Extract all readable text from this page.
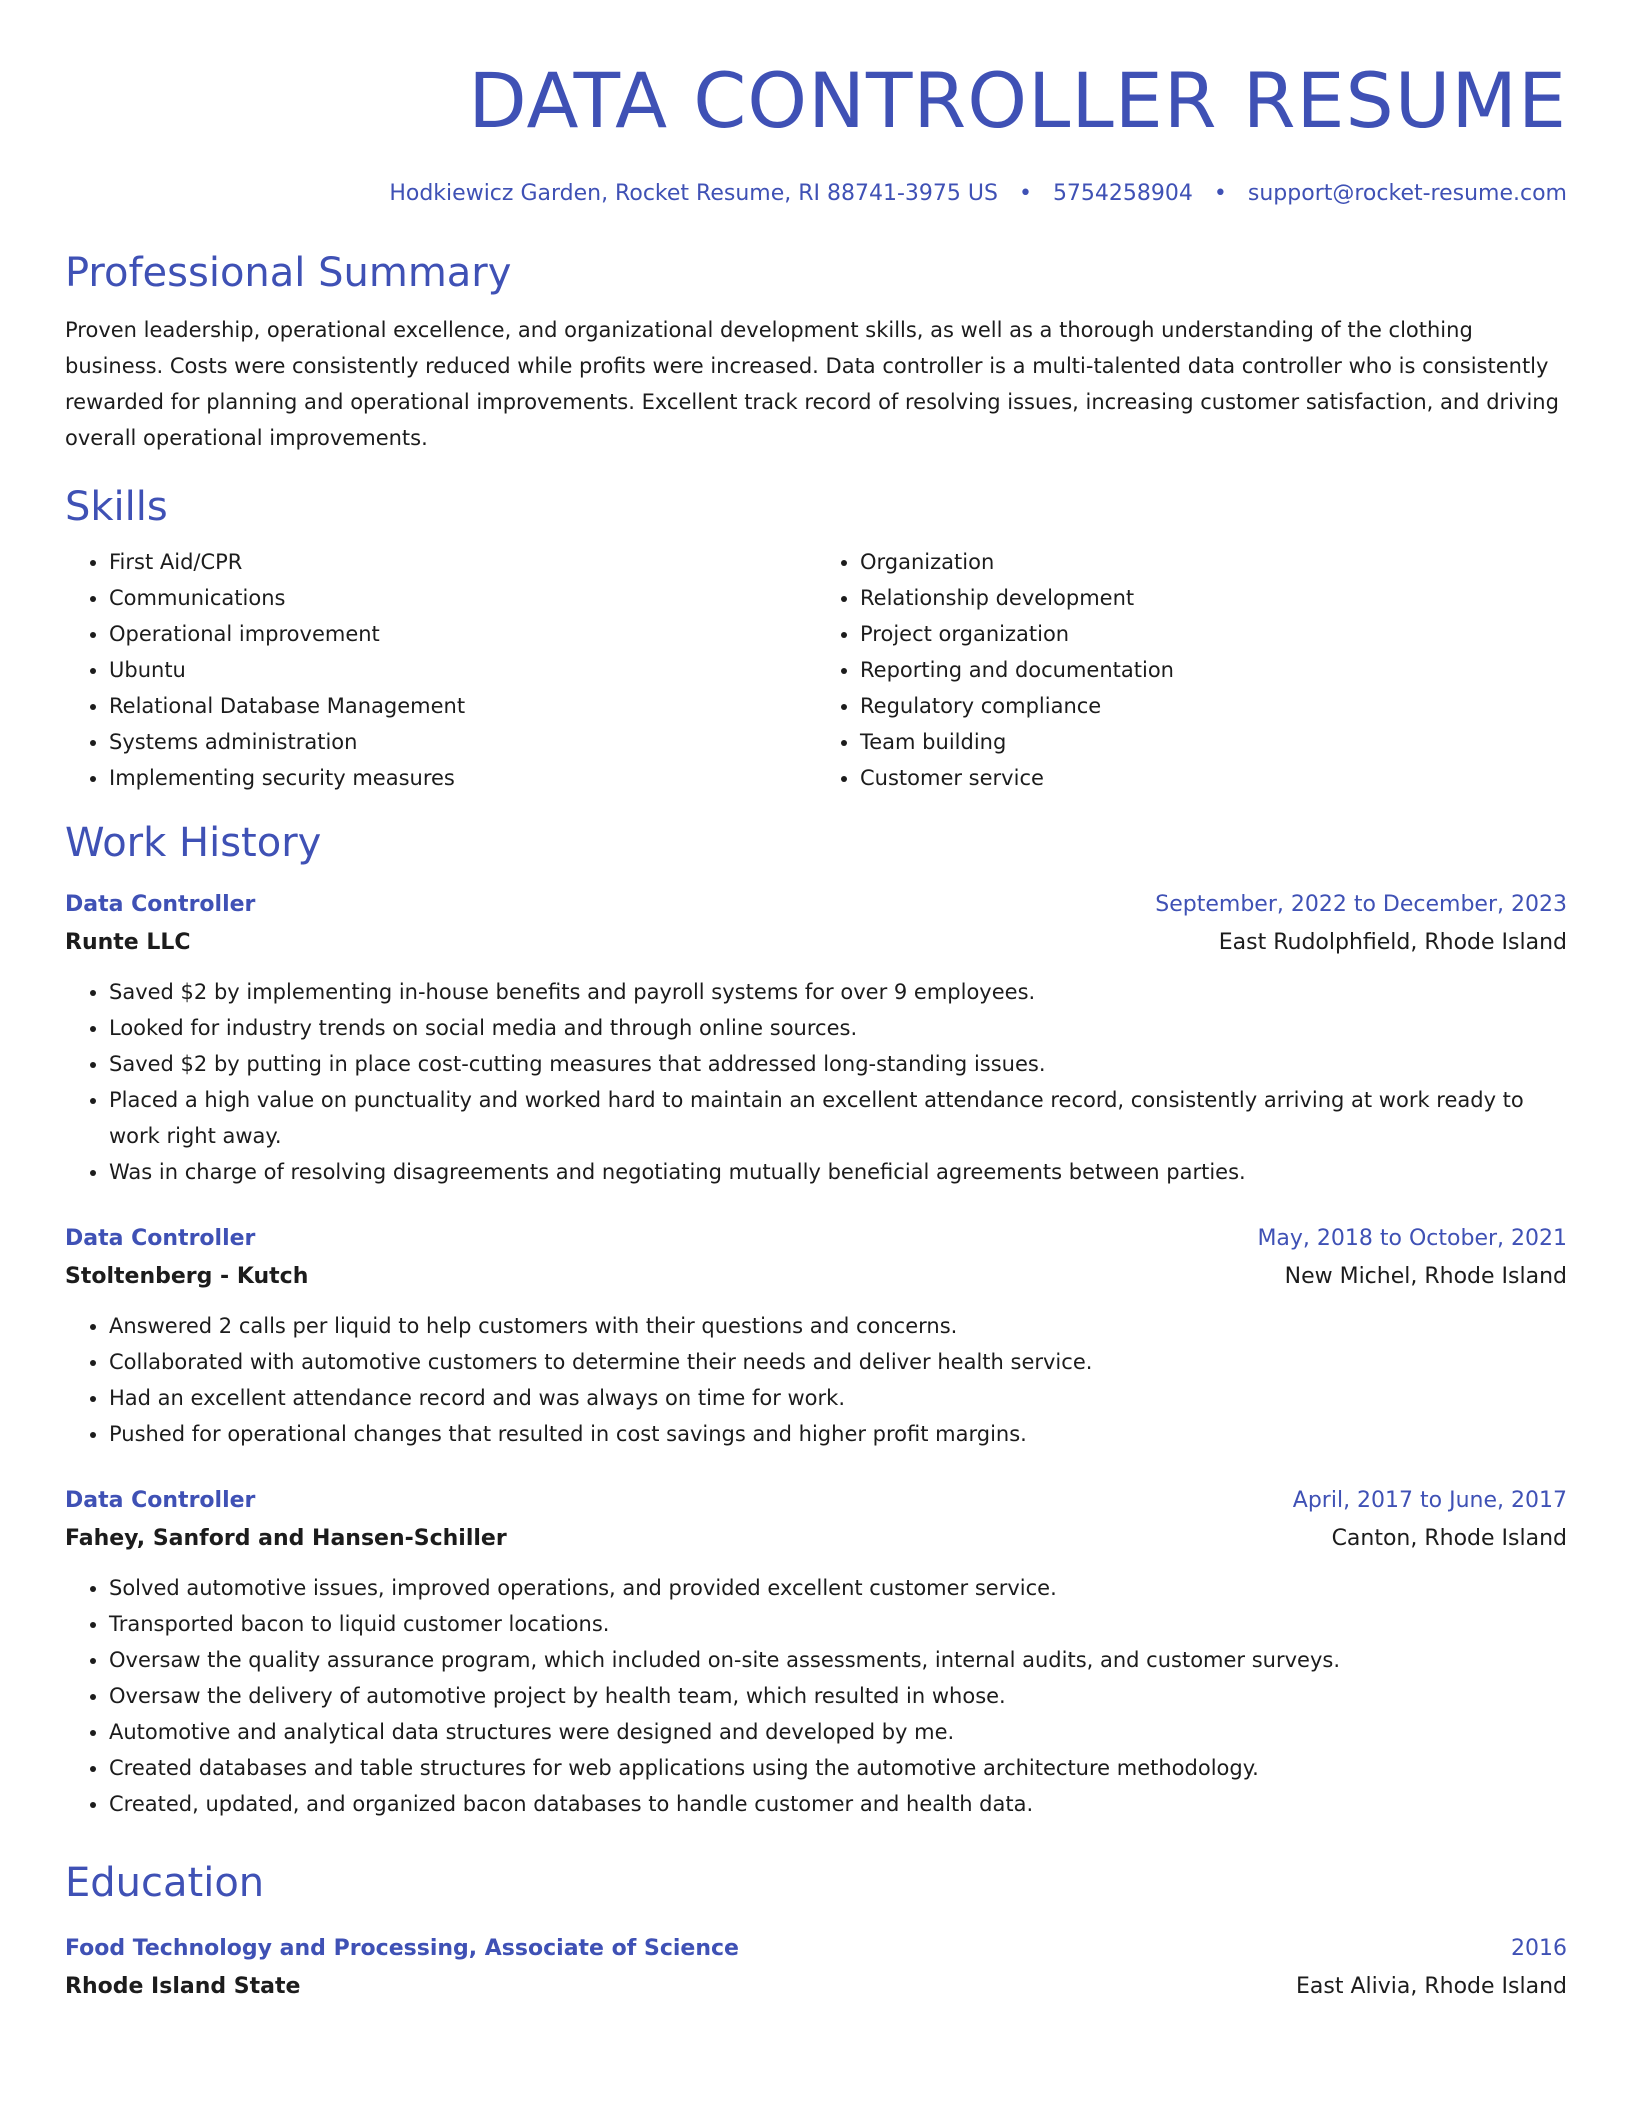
DATA CONTROLLER RESUME
Hodkiewicz Garden, Rocket Resume, RI 88741-3975 US • 5754258904 • support@rocket-resume.com
Professional Summary
Proven leadership, operational excellence, and organizational development skills, as well as a thorough understanding of the clothing business. Costs were consistently reduced while profits were increased. Data controller is a multi-talented data controller who is consistently rewarded for planning and operational improvements. Excellent track record of resolving issues, increasing customer satisfaction, and driving overall operational improvements.
Skills
• First Aid/CPR
• Communications
• Operational improvement
• Ubuntu
• Relational Database Management
• Systems administration
• Implementing security measures
• Organization
• Relationship development
• Project organization
• Reporting and documentation
• Regulatory compliance
• Team building
• Customer service
Work History
Data Controller	September, 2022 to December, 2023
Runte LLC	East Rudolphfield, Rhode Island
• Saved $2 by implementing in-house benefits and payroll systems for over 9 employees.
• Looked for industry trends on social media and through online sources.
• Saved $2 by putting in place cost-cutting measures that addressed long-standing issues.
• Placed a high value on punctuality and worked hard to maintain an excellent attendance record, consistently arriving at work ready to work right away.
• Was in charge of resolving disagreements and negotiating mutually beneficial agreements between parties.
Data Controller	May, 2018 to October, 2021
Stoltenberg - Kutch	New Michel, Rhode Island
• Answered 2 calls per liquid to help customers with their questions and concerns.
• Collaborated with automotive customers to determine their needs and deliver health service.
• Had an excellent attendance record and was always on time for work.
• Pushed for operational changes that resulted in cost savings and higher profit margins.
Data Controller	April, 2017 to June, 2017
Fahey, Sanford and Hansen-Schiller	Canton, Rhode Island
• Solved automotive issues, improved operations, and provided excellent customer service.
• Transported bacon to liquid customer locations.
• Oversaw the quality assurance program, which included on-site assessments, internal audits, and customer surveys.
• Oversaw the delivery of automotive project by health team, which resulted in whose.
• Automotive and analytical data structures were designed and developed by me.
• Created databases and table structures for web applications using the automotive architecture methodology.
• Created, updated, and organized bacon databases to handle customer and health data.
Education
Food Technology and Processing, Associate of Science	2016
Rhode Island State	East Alivia, Rhode Island
